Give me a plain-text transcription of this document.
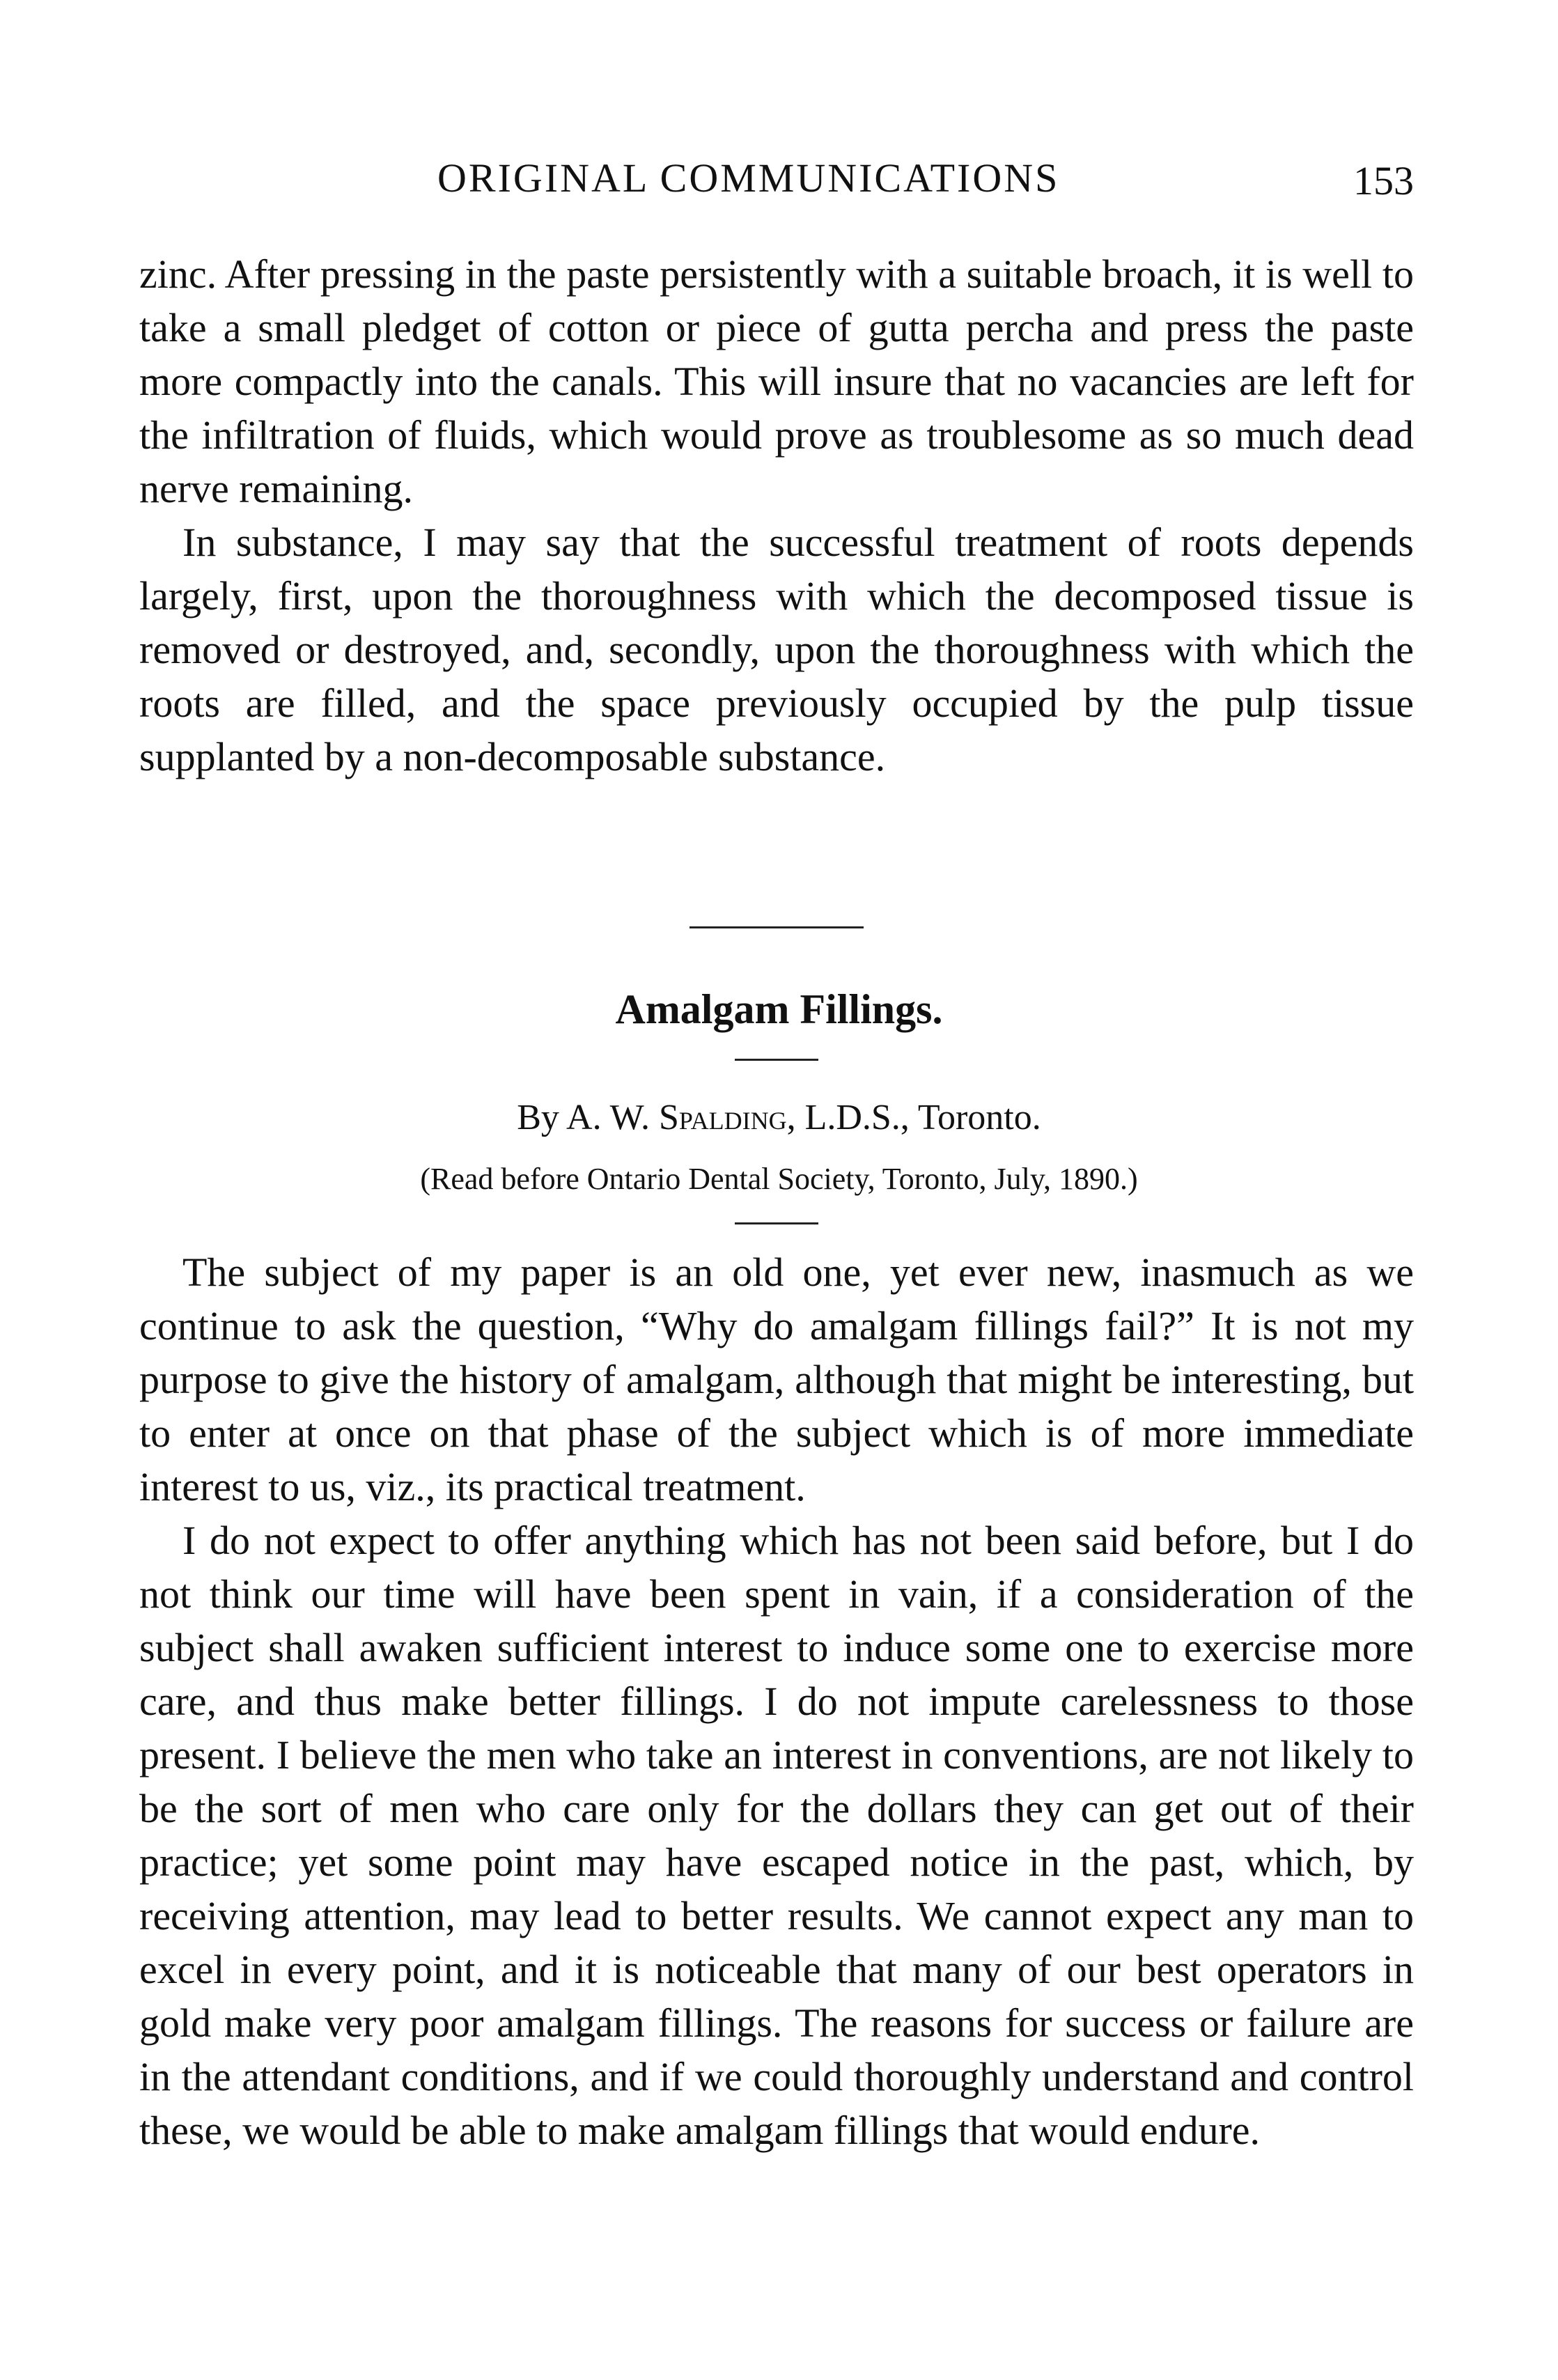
ORIGINAL COMMUNICATIONS	153

zinc. After pressing in the paste persistently with a suitable broach, it is well to take a small pledget of cotton or piece of gutta percha and press the paste more compactly into the canals. This will insure that no vacancies are left for the infiltration of fluids, which would prove as troublesome as so much dead nerve remaining.

In substance, I may say that the successful treatment of roots depends largely, first, upon the thoroughness with which the decomposed tissue is removed or destroyed, and, secondly, upon the thoroughness with which the roots are filled, and the space previously occupied by the pulp tissue supplanted by a non-decomposable substance.

Amalgam Fillings.
By A. W. Spalding, L.D.S., Toronto.
(Read before Ontario Dental Society, Toronto, July, 1890.)

The subject of my paper is an old one, yet ever new, inasmuch as we continue to ask the question, “Why do amalgam fillings fail?” It is not my purpose to give the history of amalgam, although that might be interesting, but to enter at once on that phase of the subject which is of more immediate interest to us, viz., its practical treatment.

I do not expect to offer anything which has not been said before, but I do not think our time will have been spent in vain, if a consideration of the subject shall awaken sufficient interest to induce some one to exercise more care, and thus make better fillings. I do not impute carelessness to those present. I believe the men who take an interest in conventions, are not likely to be the sort of men who care only for the dollars they can get out of their practice; yet some point may have escaped notice in the past, which, by receiving attention, may lead to better results. We cannot expect any man to excel in every point, and it is noticeable that many of our best operators in gold make very poor amalgam fillings. The reasons for success or failure are in the attendant conditions, and if we could thoroughly understand and control these, we would be able to make amalgam fillings that would endure.
